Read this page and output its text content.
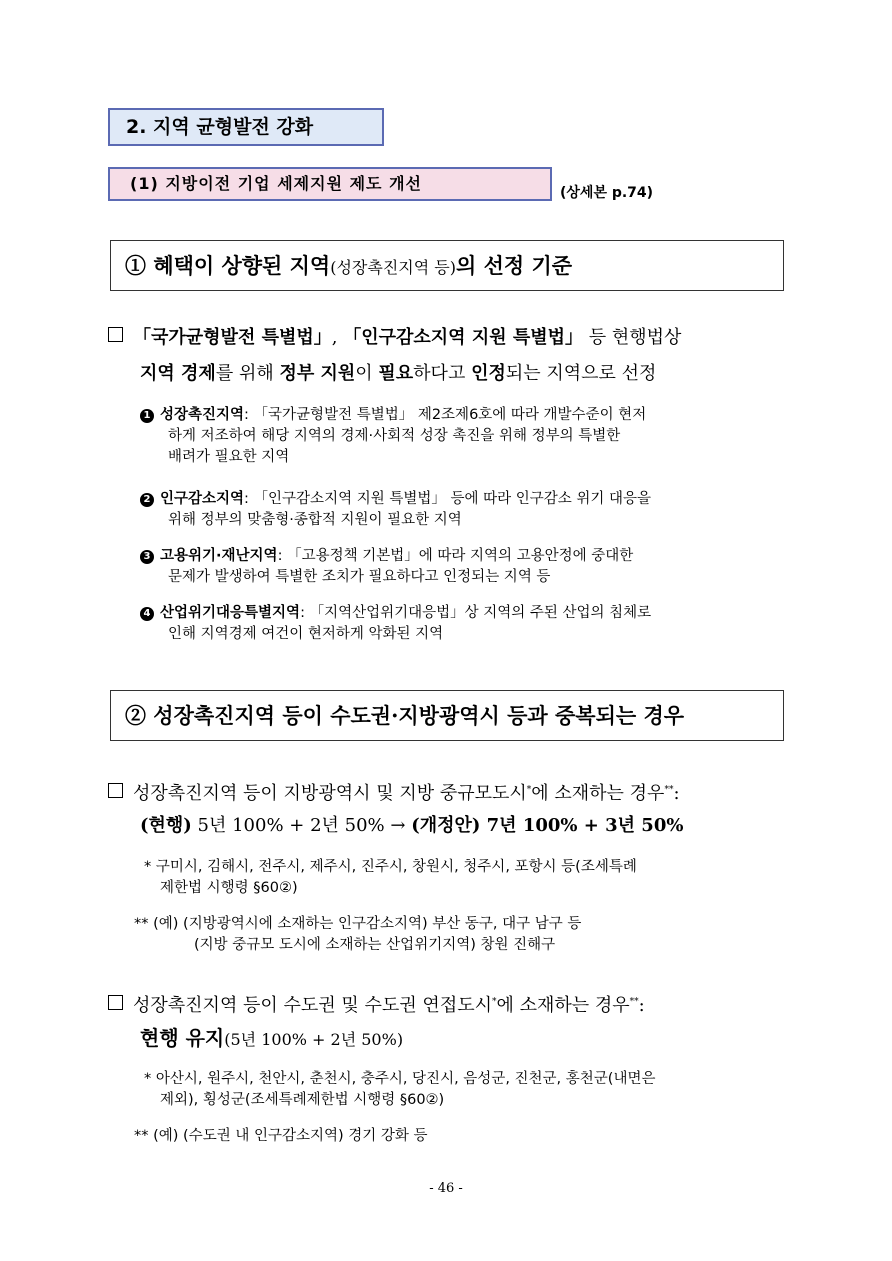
2. 지역 균형발전 강화
(1) 지방이전 기업 세제지원 제도 개선	(상세본 p.74)
① 혜택이 상향된 지역(성장촉진지역 등)의 선정 기준
「국가균형발전 특별법」, 「인구감소지역 지원 특별법」 등 현행법상
지역 경제를 위해 정부 지원이 필요하다고 인정되는 지역으로 선정
1 성장촉진지역: 「국가균형발전 특별법」 제2조제6호에 따라 개발수준이 현저
하게 저조하여 해당 지역의 경제·사회적 성장 촉진을 위해 정부의 특별한
배려가 필요한 지역
2 인구감소지역: 「인구감소지역 지원 특별법」 등에 따라 인구감소 위기 대응을
위해 정부의 맞춤형·종합적 지원이 필요한 지역
3 고용위기·재난지역: 「고용정책 기본법」에 따라 지역의 고용안정에 중대한
문제가 발생하여 특별한 조치가 필요하다고 인정되는 지역 등
4 산업위기대응특별지역: 「지역산업위기대응법」상 지역의 주된 산업의 침체로
인해 지역경제 여건이 현저하게 악화된 지역
② 성장촉진지역 등이 수도권·지방광역시 등과 중복되는 경우
성장촉진지역 등이 지방광역시 및 지방 중규모도시*에 소재하는 경우**:
(현행) 5년 100% + 2년 50% → (개정안) 7년 100% + 3년 50%
* 구미시, 김해시, 전주시, 제주시, 진주시, 창원시, 청주시, 포항시 등(조세특례
제한법 시행령 §60②)
** (예) (지방광역시에 소재하는 인구감소지역) 부산 동구, 대구 남구 등
(지방 중규모 도시에 소재하는 산업위기지역) 창원 진해구
성장촉진지역 등이 수도권 및 수도권 연접도시*에 소재하는 경우**:
현행 유지(5년 100% + 2년 50%)
* 아산시, 원주시, 천안시, 춘천시, 충주시, 당진시, 음성군, 진천군, 홍천군(내면은
제외), 횡성군(조세특례제한법 시행령 §60②)
** (예) (수도권 내 인구감소지역) 경기 강화 등
- 46 -
